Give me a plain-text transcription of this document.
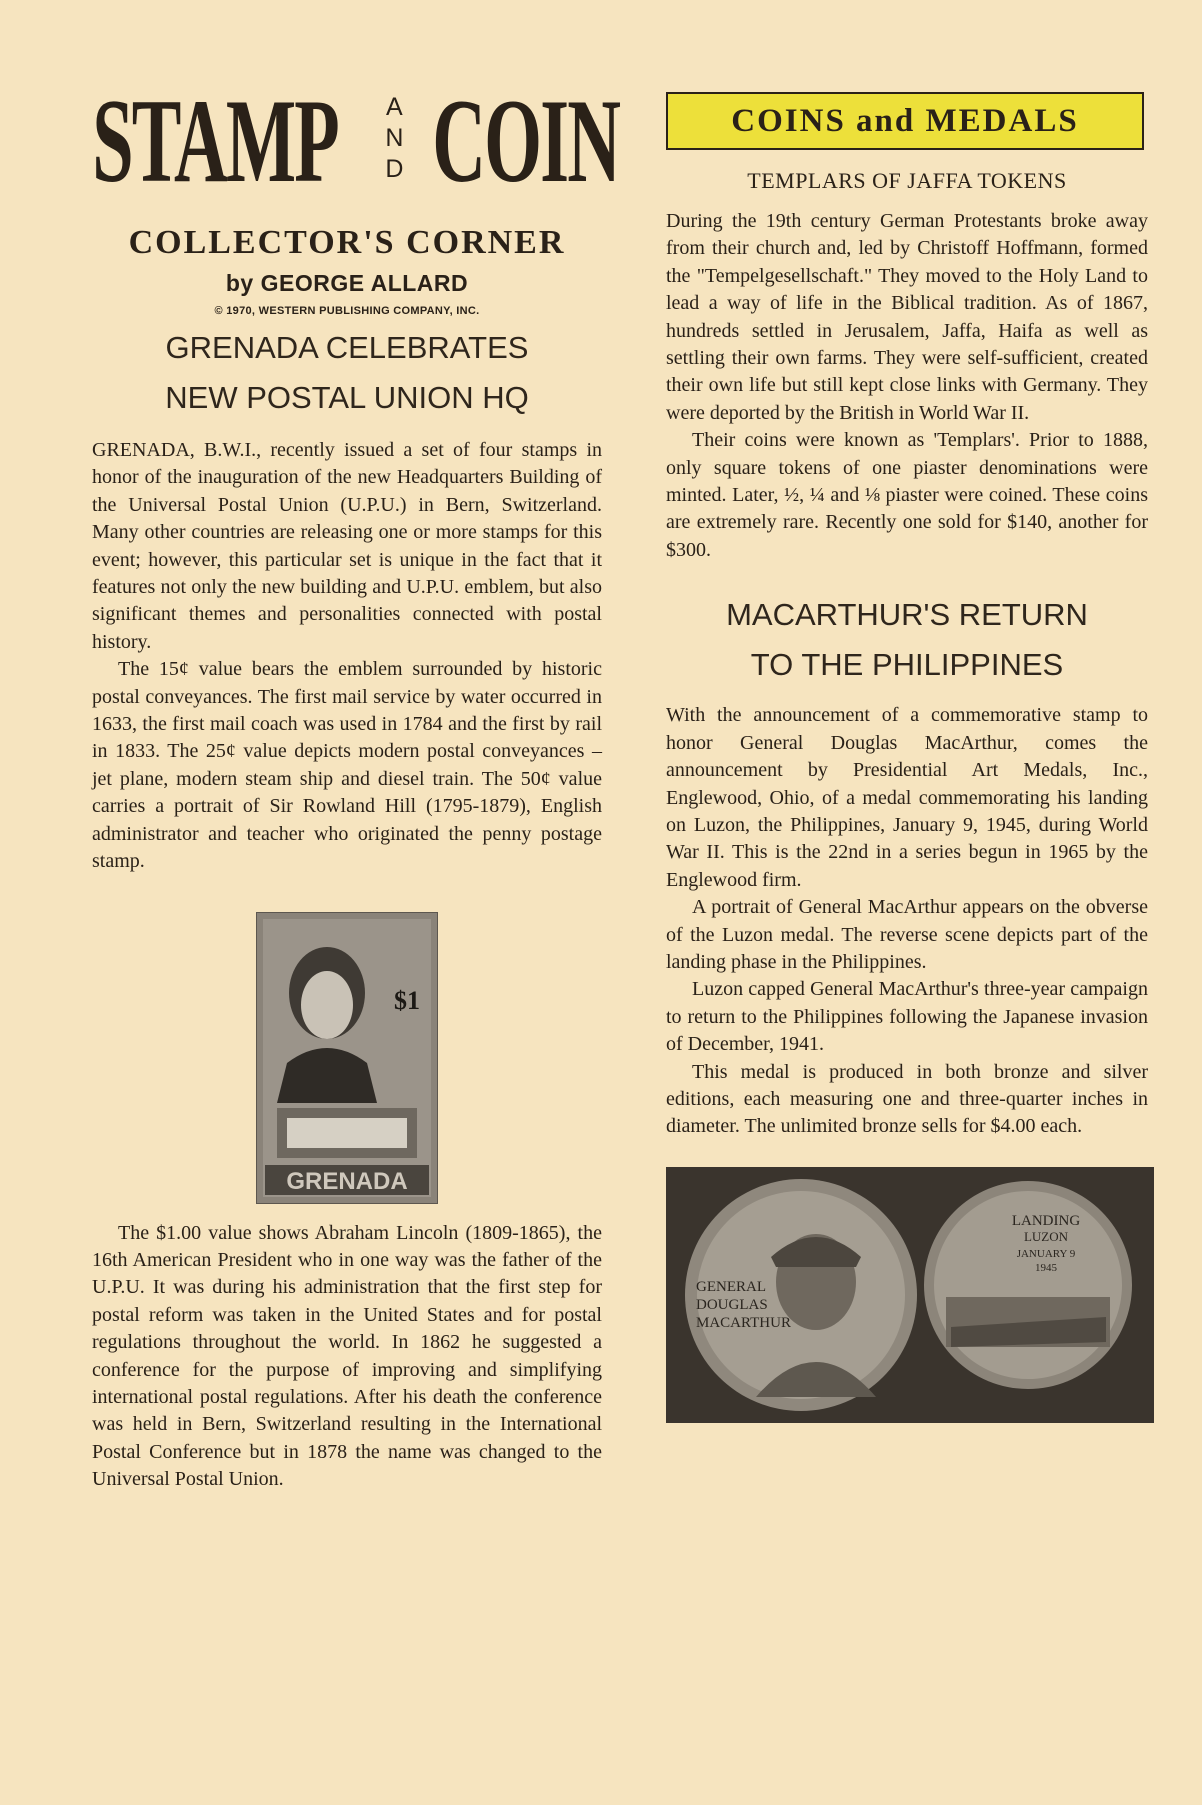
STAMP A
N
D COIN
COLLECTOR'S CORNER
by GEORGE ALLARD
© 1970, WESTERN PUBLISHING COMPANY, INC.
GRENADA CELEBRATES
NEW POSTAL UNION HQ

GRENADA, B.W.I., recently issued a set of four stamps in honor of the inauguration of the new Headquarters Building of the Universal Postal Union (U.P.U.) in Bern, Switzerland. Many other countries are releasing one or more stamps for this event; however, this particular set is unique in the fact that it features not only the new building and U.P.U. emblem, but also significant themes and personalities connected with postal history.

The 15¢ value bears the emblem surrounded by historic postal conveyances. The first mail service by water occurred in 1633, the first mail coach was used in 1784 and the first by rail in 1833. The 25¢ value depicts modern postal conveyances – jet plane, modern steam ship and diesel train. The 50¢ value carries a portrait of Sir Rowland Hill (1795-1879), English administrator and teacher who originated the penny postage stamp.

$1
GRENADA

The $1.00 value shows Abraham Lincoln (1809-1865), the 16th American President who in one way was the father of the U.P.U. It was during his administration that the first step for postal reform was taken in the United States and for postal regulations throughout the world. In 1862 he suggested a conference for the purpose of improving and simplifying international postal regulations. After his death the conference was held in Bern, Switzerland resulting in the International Postal Conference but in 1878 the name was changed to the Universal Postal Union.

COINS and MEDALS
TEMPLARS OF JAFFA TOKENS

During the 19th century German Protestants broke away from their church and, led by Christoff Hoffmann, formed the "Tempelgesellschaft." They moved to the Holy Land to lead a way of life in the Biblical tradition. As of 1867, hundreds settled in Jerusalem, Jaffa, Haifa as well as settling their own farms. They were self-sufficient, created their own life but still kept close links with Germany. They were deported by the British in World War II.

Their coins were known as 'Templars'. Prior to 1888, only square tokens of one piaster denominations were minted. Later, ½, ¼ and ⅛ piaster were coined. These coins are extremely rare. Recently one sold for $140, another for $300.

MACARTHUR'S RETURN
TO THE PHILIPPINES

With the announcement of a commemorative stamp to honor General Douglas MacArthur, comes the announcement by Presidential Art Medals, Inc., Englewood, Ohio, of a medal commemorating his landing on Luzon, the Philippines, January 9, 1945, during World War II. This is the 22nd in a series begun in 1965 by the Englewood firm.

A portrait of General MacArthur appears on the obverse of the Luzon medal. The reverse scene depicts part of the landing phase in the Philippines.

Luzon capped General MacArthur's three-year campaign to return to the Philippines following the Japanese invasion of December, 1941.

This medal is produced in both bronze and silver editions, each measuring one and three-quarter inches in diameter. The unlimited bronze sells for $4.00 each.

GENERAL
DOUGLAS
MACARTHUR
LANDING
LUZON
JANUARY 9
1945
